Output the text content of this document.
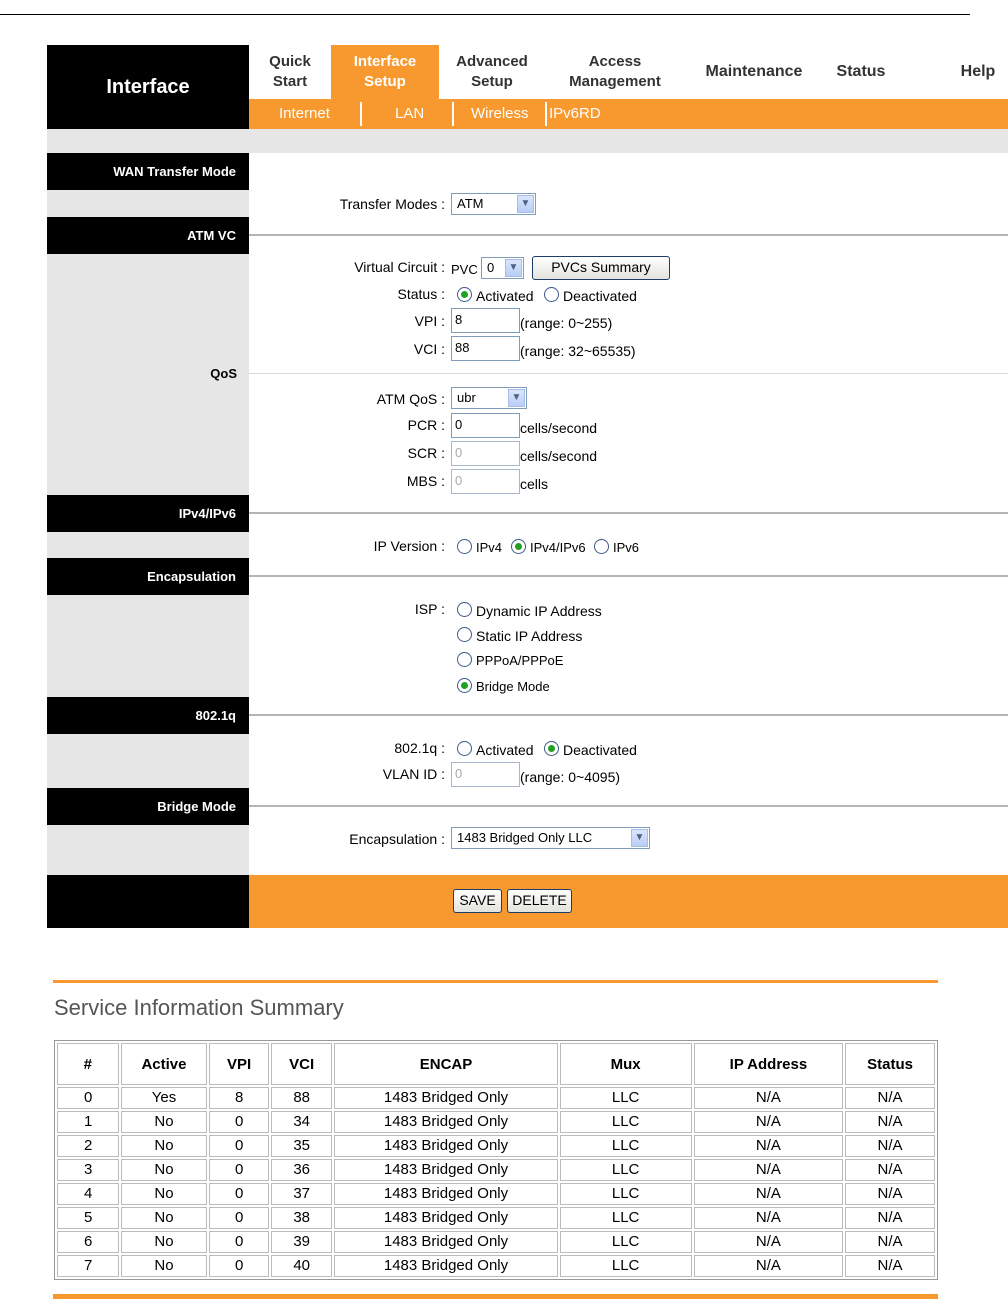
Interface
Quick
Start
Interface
Setup
Advanced
Setup
Access
Management
Maintenance Status	Help
Internet	LAN	Wireless IPv6RD
WAN Transfer Mode
ATM VC
QoS
IPv4/IPv6
Encapsulation
802.1q
Bridge Mode
Transfer Modes : ATM	▼
Virtual Circuit : PVC 0	▼	PVCs Summary
Status : Activated Deactivated
VPI : 8	(range: 0~255)
VCI : 88	(range: 32~65535)
ATM QoS : ubr	▼
PCR : 0	cells/second
SCR : 0	cells/second
MBS : 0	cells
IP Version : IPv4 IPv4/IPv6 IPv6
ISP : Dynamic IP Address
Static IP Address
PPPoA/PPPoE
Bridge Mode
802.1q : Activated Deactivated
VLAN ID : 0	(range: 0~4095)
Encapsulation : 1483 Bridged Only LLC	▼
SAVE	DELETE
Service Information Summary
#	Active	VPI	VCI	ENCAP	Mux	IP Address	Status
0	Yes	8	88	1483 Bridged Only	LLC	N/A	N/A
1	No	0	34	1483 Bridged Only	LLC	N/A	N/A
2	No	0	35	1483 Bridged Only	LLC	N/A	N/A
3	No	0	36	1483 Bridged Only	LLC	N/A	N/A
4	No	0	37	1483 Bridged Only	LLC	N/A	N/A
5	No	0	38	1483 Bridged Only	LLC	N/A	N/A
6	No	0	39	1483 Bridged Only	LLC	N/A	N/A
7	No	0	40	1483 Bridged Only	LLC	N/A	N/A
